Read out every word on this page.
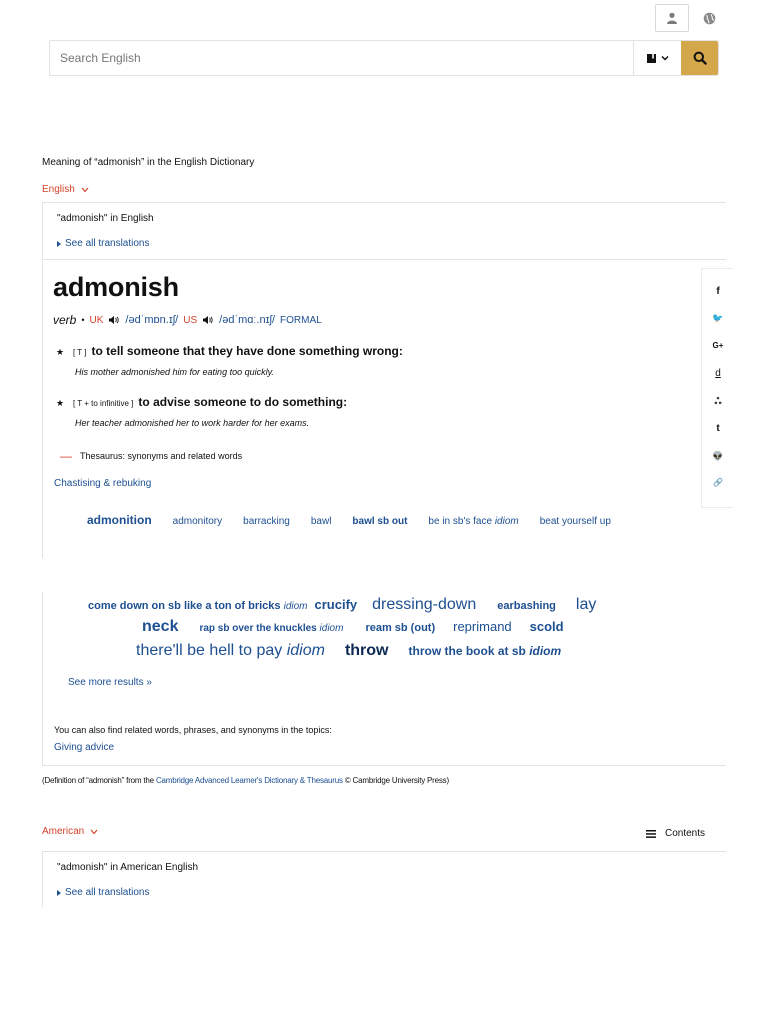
Search English
Meaning of “admonish” in the English Dictionary
English
"admonish" in English
See all translations
admonish
verb • UK /ədˈmɒn.ɪʃ/ US /ədˈmɑː.nɪʃ/ FORMAL
★	[ T ] to tell someone that they have done something wrong:
His mother admonished him for eating too quickly.
★	[ T + to infinitive ] to advise someone to do something:
Her teacher admonished her to work harder for her exams.
— Thesaurus: synonyms and related words
Chastising & rebuking
admonition admonitory barracking bawl bawl sb out be in sb's face idiom beat yourself up
f
🐦
G+
d
ஃ
t
👽
🔗
come down on sb like a ton of bricks idiom crucify dressing-down earbashing lay
neck rap sb over the knuckles idiom ream sb (out) reprimand scold
there'll be hell to pay idiom throw throw the book at sb idiom
See more results »
You can also find related words, phrases, and synonyms in the topics:
Giving advice
(Definition of “admonish” from the Cambridge Advanced Learner's Dictionary & Thesaurus © Cambridge University Press)
American	Contents
"admonish" in American English
See all translations
